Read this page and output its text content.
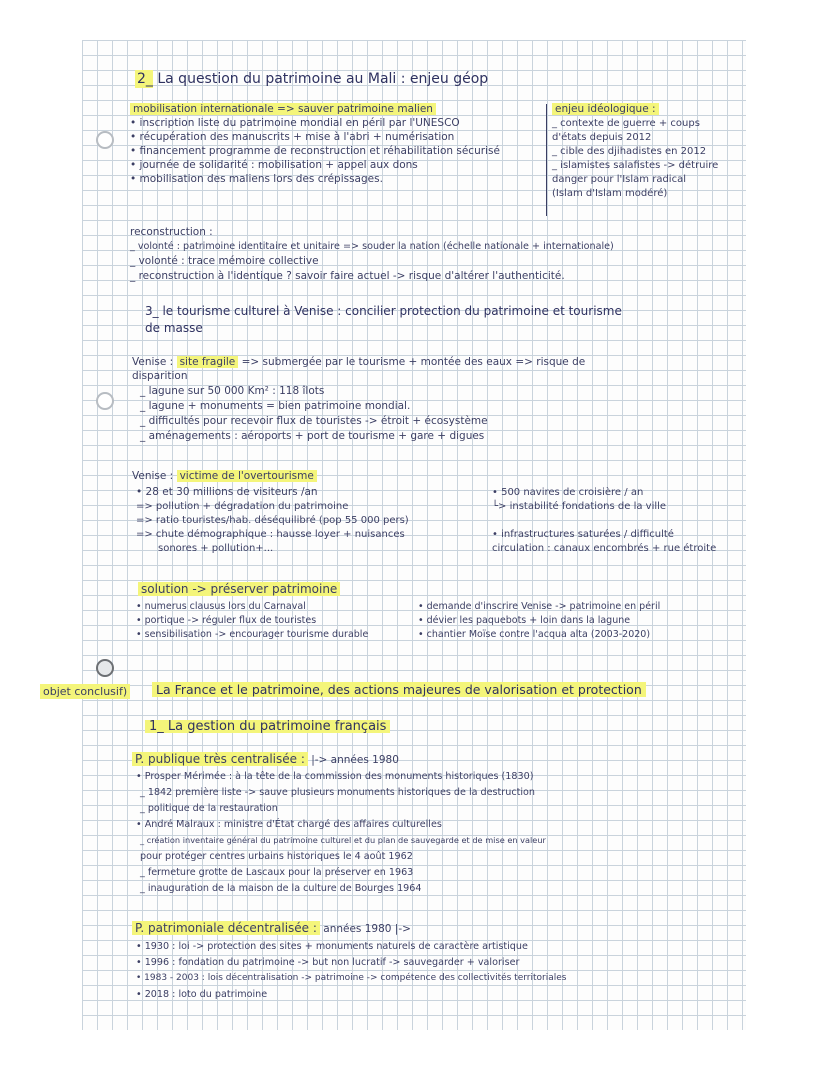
2_ La question du patrimoine au Mali : enjeu géop
mobilisation internationale => sauver patrimoine malien
• inscription liste du patrimoine mondial en péril par l'UNESCO
• récupération des manuscrits + mise à l'abri + numérisation
• financement programme de reconstruction et réhabilitation sécurisé
• journée de solidarité : mobilisation + appel aux dons
• mobilisation des maliens lors des crépissages.
enjeu idéologique :
_ contexte de guerre + coups
d'états depuis 2012
_ cible des djihadistes en 2012
_ islamistes salafistes -> détruire
danger pour l'Islam radical
(Islam d'Islam modéré)
reconstruction :
_ volonté : patrimoine identitaire et unitaire => souder la nation (échelle nationale + internationale)
_ volonté : trace mémoire collective
_ reconstruction à l'identique ? savoir faire actuel -> risque d'altérer l'authenticité.
3_ le tourisme culturel à Venise : concilier protection du patrimoine et tourisme
de masse
Venise : site fragile => submergée par le tourisme + montée des eaux => risque de
disparition
_ lagune sur 50 000 Km² : 118 îlots
_ lagune + monuments = bien patrimoine mondial.
_ difficultés pour recevoir flux de touristes -> étroit + écosystème
_ aménagements : aéroports + port de tourisme + gare + digues
Venise : victime de l'overtourisme
• 28 et 30 millions de visiteurs /an
=> pollution + dégradation du patrimoine
=> ratio touristes/hab. déséquilibré (pop 55 000 pers)
=> chute démographique : hausse loyer + nuisances
sonores + pollution+...
• 500 navires de croisière / an
└> instabilité fondations de la ville
• infrastructures saturées / difficulté
circulation : canaux encombrés + rue étroite
solution -> préserver patrimoine
• numerus clausus lors du Carnaval
• portique -> réguler flux de touristes
• sensibilisation -> encourager tourisme durable
• demande d'inscrire Venise -> patrimoine en péril
• dévier les paquebots + loin dans la lagune
• chantier Moïse contre l'acqua alta (2003-2020)
objet conclusif)	La France et le patrimoine, des actions majeures de valorisation et protection
1_ La gestion du patrimoine français
P. publique très centralisée : |-> années 1980
• Prosper Mérimée : à la tête de la commission des monuments historiques (1830)
_ 1842 première liste -> sauve plusieurs monuments historiques de la destruction
_ politique de la restauration
• André Malraux : ministre d'État chargé des affaires culturelles
_ création inventaire général du patrimoine culturel et du plan de sauvegarde et de mise en valeur
pour protéger centres urbains historiques le 4 août 1962
_ fermeture grotte de Lascaux pour la préserver en 1963
_ inauguration de la maison de la culture de Bourges 1964
P. patrimoniale décentralisée : années 1980 |->
• 1930 : loi -> protection des sites + monuments naturels de caractère artistique
• 1996 : fondation du patrimoine -> but non lucratif -> sauvegarder + valoriser
• 1983 - 2003 : lois décentralisation -> patrimoine -> compétence des collectivités territoriales
• 2018 : loto du patrimoine
